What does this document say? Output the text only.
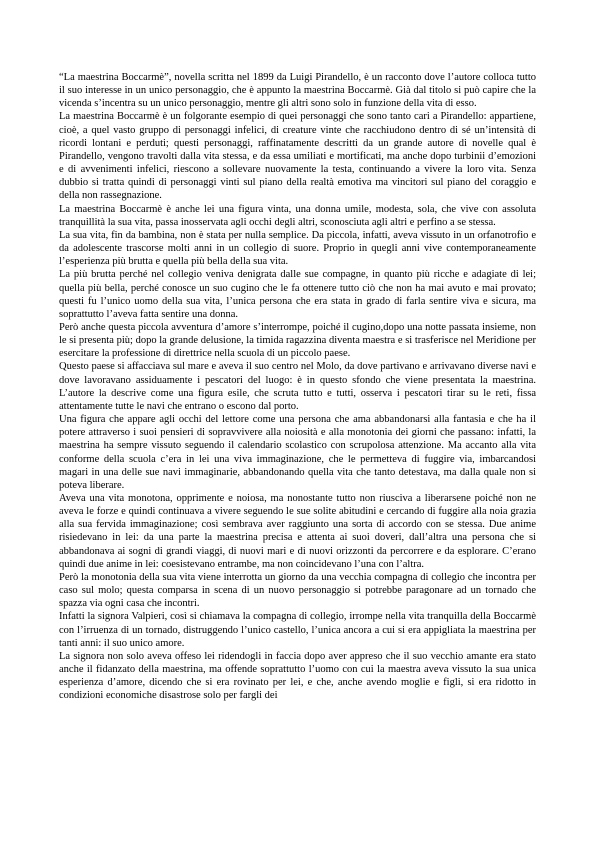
“La maestrina Boccarmè”, novella scritta nel 1899 da Luigi Pirandello, è un racconto dove l’autore colloca tutto il suo interesse in un unico personaggio, che è appunto la maestrina Boccarmè. Già dal titolo si può capire che la vicenda s’incentra su un unico personaggio, mentre gli altri sono solo in funzione della vita di esso.

La maestrina Boccarmè è un folgorante esempio di quei personaggi che sono tanto cari a Pirandello: appartiene, cioè, a quel vasto gruppo di personaggi infelici, di creature vinte che racchiudono dentro di sé un’intensità di ricordi lontani e perduti; questi personaggi, raffinatamente descritti da un grande autore di novelle qual è Pirandello, vengono travolti dalla vita stessa, e da essa umiliati e mortificati, ma anche dopo turbinii d’emozioni e di avvenimenti infelici, riescono a sollevare nuovamente la testa, continuando a vivere la loro vita. Senza dubbio si tratta quindi di personaggi vinti sul piano della realtà emotiva ma vincitori sul piano del coraggio e della non rassegnazione.

La maestrina Boccarmè è anche lei una figura vinta, una donna umile, modesta, sola, che vive con assoluta tranquillità la sua vita, passa inosservata agli occhi degli altri, sconosciuta agli altri e perfino a se stessa.

La sua vita, fin da bambina, non è stata per nulla semplice. Da piccola, infatti, aveva vissuto in un orfanotrofio e da adolescente trascorse molti anni in un collegio di suore. Proprio in quegli anni vive contemporaneamente l’esperienza più brutta e quella più bella della sua vita.

La più brutta perché nel collegio veniva denigrata dalle sue compagne, in quanto più ricche e adagiate di lei; quella più bella, perché conosce un suo cugino che le fa ottenere tutto ciò che non ha mai avuto e mai provato; questi fu l’unico uomo della sua vita, l’unica persona che era stata in grado di farla sentire viva e sicura, ma soprattutto l’aveva fatta sentire una donna.

Però anche questa piccola avventura d’amore s’interrompe, poiché il cugino,dopo una notte passata insieme, non le si presenta più; dopo la grande delusione, la timida ragazzina diventa maestra e si trasferisce nel Meridione per esercitare la professione di direttrice nella scuola di un piccolo paese.

Questo paese si affacciava sul mare e aveva il suo centro nel Molo, da dove partivano e arrivavano diverse navi e dove lavoravano assiduamente i pescatori del luogo: è in questo sfondo che viene presentata la maestrina. L’autore la descrive come una figura esile, che scruta tutto e tutti, osserva i pescatori tirar su le reti, fissa attentamente tutte le navi che entrano o escono dal porto.

Una figura che appare agli occhi del lettore come una persona che ama abbandonarsi alla fantasia e che ha il potere attraverso i suoi pensieri di sopravvivere alla noiosità e alla monotonia dei giorni che passano: infatti, la maestrina ha sempre vissuto seguendo il calendario scolastico con scrupolosa attenzione. Ma accanto alla vita conforme della scuola c’era in lei una viva immaginazione, che le permetteva di fuggire via, imbarcandosi magari in una delle sue navi immaginarie, abbandonando quella vita che tanto detestava, ma dalla quale non si poteva liberare.

Aveva una vita monotona, opprimente e noiosa, ma nonostante tutto non riusciva a liberarsene poiché non ne aveva le forze e quindi continuava a vivere seguendo le sue solite abitudini e cercando di fuggire alla noia grazia alla sua fervida immaginazione; così sembrava aver raggiunto una sorta di accordo con se stessa. Due anime risiedevano in lei: da una parte la maestrina precisa e attenta ai suoi doveri, dall’altra una persona che si abbandonava ai sogni di grandi viaggi, di nuovi mari e di nuovi orizzonti da percorrere e da esplorare. C’erano quindi due anime in lei: coesistevano entrambe, ma non coincidevano l’una con l’altra.

Però la monotonia della sua vita viene interrotta un giorno da una vecchia compagna di collegio che incontra per caso sul molo; questa comparsa in scena di un nuovo personaggio si potrebbe paragonare ad un tornado che spazza via ogni casa che incontri.

Infatti la signora Valpieri, così si chiamava la compagna di collegio, irrompe nella vita tranquilla della Boccarmè con l’irruenza di un tornado, distruggendo l’unico castello, l’unica ancora a cui si era appigliata la maestrina per tanti anni: il suo unico amore.

La signora non solo aveva offeso lei ridendogli in faccia dopo aver appreso che il suo vecchio amante era stato anche il fidanzato della maestrina, ma offende soprattutto l’uomo con cui la maestra aveva vissuto la sua unica esperienza d’amore, dicendo che si era rovinato per lei, e che, anche avendo moglie e figli, si era ridotto in condizioni economiche disastrose solo per fargli dei
